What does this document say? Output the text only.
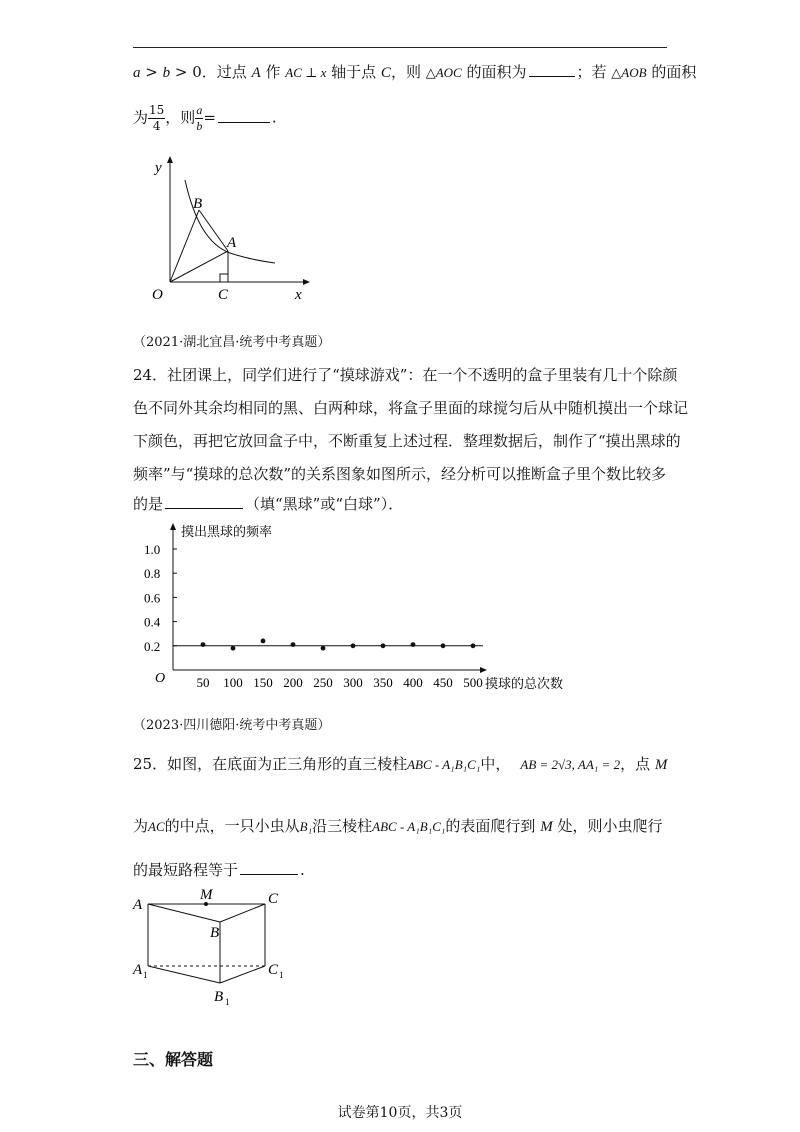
a > b > 0．过点 A 作 AC ⊥ x 轴于点 C，则 △AOC 的面积为	；若 △AOB 的面积
为 $\frac{15}{4}$ ，则 $\frac{a}{b}$ =	.
y
x
O
B
A
C
（2021·湖北宜昌·统考中考真题）
24．社团课上，同学们进行了“摸球游戏”：在一个不透明的盒子里装有几十个除颜
色不同外其余均相同的黑、白两种球，将盒子里面的球搅匀后从中随机摸出一个球记
下颜色，再把它放回盒子中，不断重复上述过程．整理数据后，制作了“摸出黑球的
频率”与“摸球的总次数”的关系图象如图所示，经分析可以推断盒子里个数比较多
的是	（填“黑球”或“白球”）．
0.2
0.4
0.6
0.8
1.0
50 100 150 200 250 300 350 400 450 500
摸出黑球的频率
摸球的总次数
O
（2023·四川德阳·统考中考真题）
25．如图，在底面为正三角形的直三棱柱ABC - A₁B₁C₁中， AB = 2√3, AA₁ = 2，点 M
为AC的中点，一只小虫从B₁沿三棱柱ABC - A₁B₁C₁的表面爬行到 M 处，则小虫爬行
的最短路程等于	.
A
M	C
B
A 1	C 1
B 1
三、解答题
试卷第10页，共3页
